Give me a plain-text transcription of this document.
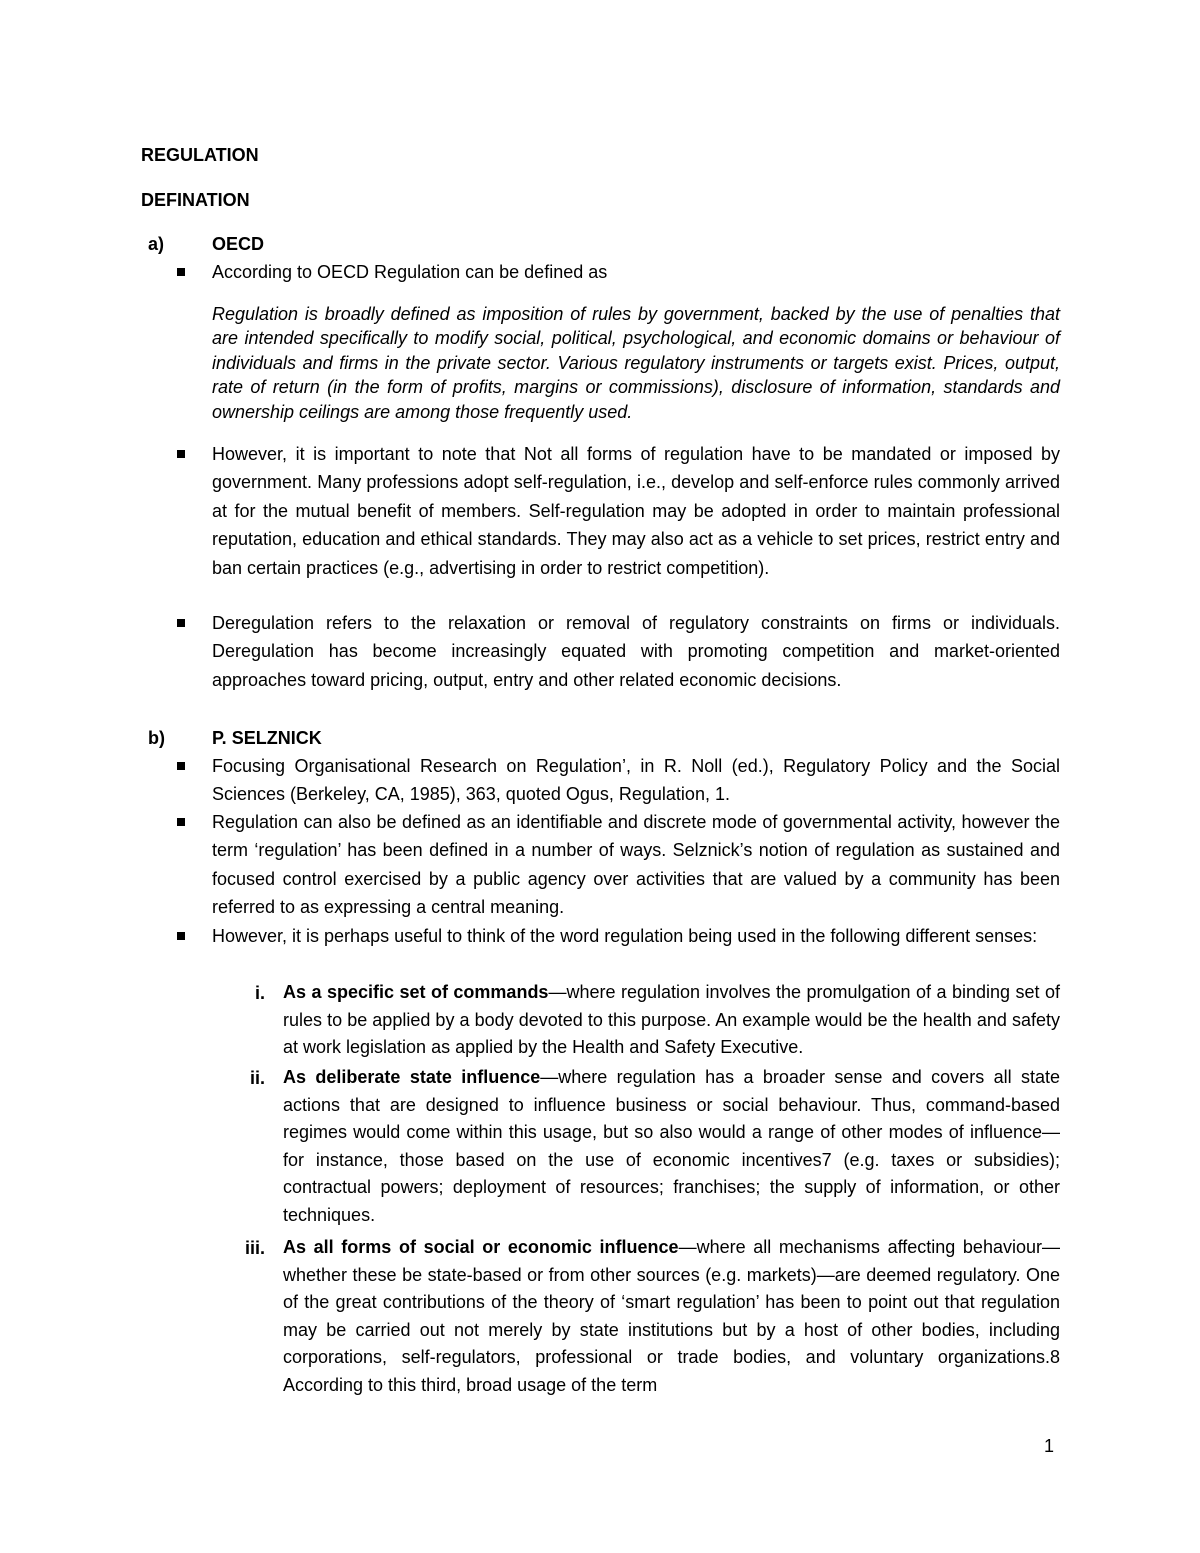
REGULATION
DEFINATION
a)	OECD

According to OECD Regulation can be defined as

Regulation is broadly defined as imposition of rules by government, backed by the use of penalties that are intended specifically to modify social, political, psychological, and economic domains or behaviour of individuals and firms in the private sector. Various regulatory instruments or targets exist. Prices, output, rate of return (in the form of profits, margins or commissions), disclosure of information, standards and ownership ceilings are among those frequently used.

However, it is important to note that Not all forms of regulation have to be mandated or imposed by government. Many professions adopt self-regulation, i.e., develop and self-enforce rules commonly arrived at for the mutual benefit of members. Self-regulation may be adopted in order to maintain professional reputation, education and ethical standards. They may also act as a vehicle to set prices, restrict entry and ban certain practices (e.g., advertising in order to restrict competition).

Deregulation refers to the relaxation or removal of regulatory constraints on firms or individuals. Deregulation has become increasingly equated with promoting competition and market-oriented approaches toward pricing, output, entry and other related economic decisions.

b)	P. SELZNICK

Focusing Organisational Research on Regulation’, in R. Noll (ed.), Regulatory Policy and the Social Sciences (Berkeley, CA, 1985), 363, quoted Ogus, Regulation, 1.

Regulation can also be defined as an identifiable and discrete mode of governmental activity, however the term ‘regulation’ has been defined in a number of ways. Selznick’s notion of regulation as sustained and focused control exercised by a public agency over activities that are valued by a community has been referred to as expressing a central meaning.

However, it is perhaps useful to think of the word regulation being used in the following different senses:

i. As a specific set of commands—where regulation involves the promulgation of a binding set of rules to be applied by a body devoted to this purpose. An example would be the health and safety at work legislation as applied by the Health and Safety Executive.

ii. As deliberate state influence—where regulation has a broader sense and covers all state actions that are designed to influence business or social behaviour. Thus, command-based regimes would come within this usage, but so also would a range of other modes of influence—for instance, those based on the use of economic incentives7 (e.g. taxes or subsidies); contractual powers; deployment of resources; franchises; the supply of information, or other techniques.

iii. As all forms of social or economic influence—where all mechanisms affecting behaviour—whether these be state-based or from other sources (e.g. markets)—are deemed regulatory. One of the great contributions of the theory of ‘smart regulation’ has been to point out that regulation may be carried out not merely by state institutions but by a host of other bodies, including corporations, self-regulators, professional or trade bodies, and voluntary organizations.8 According to this third, broad usage of the term

1
